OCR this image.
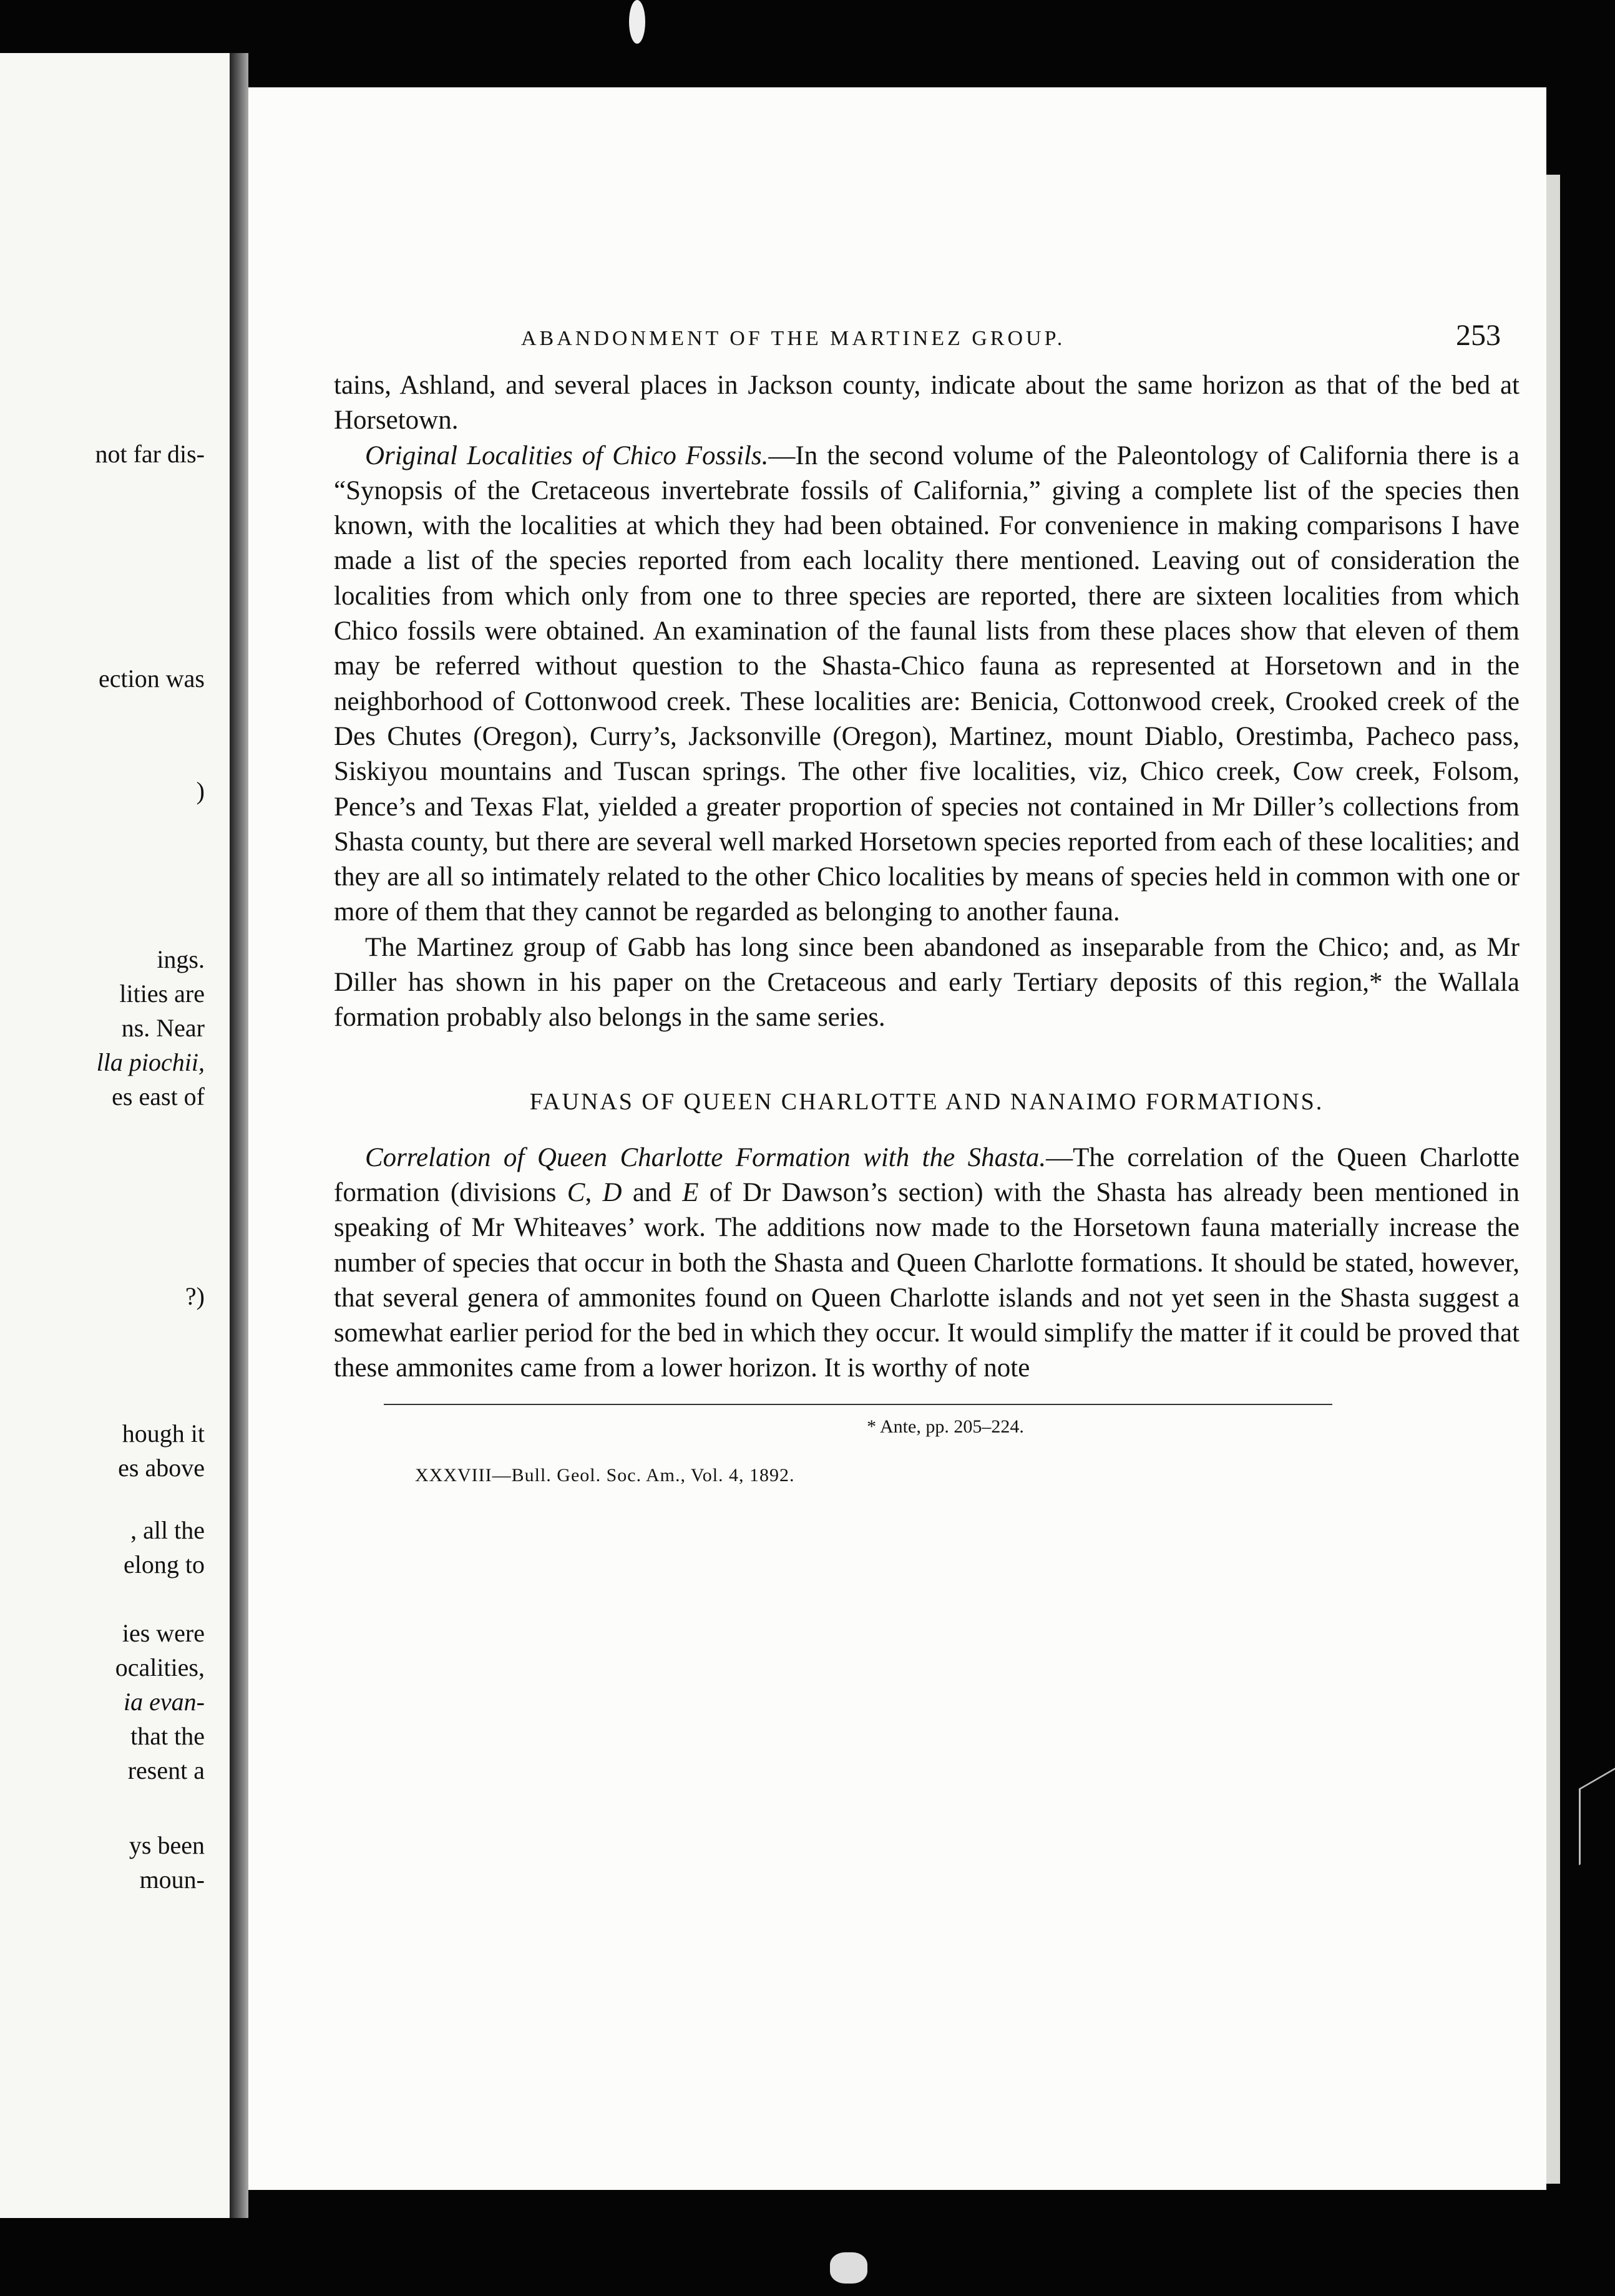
not far dis-
ection was
)
ings.
lities are
ns. Near
lla piochii,
es east of
?)
hough it
es above
, all the
elong to
ies were
ocalities,
ia evan-
that the
resent a
ys been
moun-
ABANDONMENT OF THE MARTINEZ GROUP.	253

tains, Ashland, and several places in Jackson county, indicate about the same horizon as that of the bed at Horsetown.

Original Localities of Chico Fossils.—In the second volume of the Paleontology of California there is a “Synopsis of the Cretaceous invertebrate fossils of California,” giving a complete list of the species then known, with the localities at which they had been obtained. For convenience in making comparisons I have made a list of the species reported from each locality there mentioned. Leaving out of consideration the localities from which only from one to three species are reported, there are sixteen localities from which Chico fossils were obtained. An examination of the faunal lists from these places show that eleven of them may be referred without question to the Shasta-Chico fauna as represented at Horsetown and in the neighborhood of Cottonwood creek. These localities are: Benicia, Cottonwood creek, Crooked creek of the Des Chutes (Oregon), Curry’s, Jacksonville (Oregon), Martinez, mount Diablo, Orestimba, Pacheco pass, Siskiyou mountains and Tuscan springs. The other five localities, viz, Chico creek, Cow creek, Folsom, Pence’s and Texas Flat, yielded a greater proportion of species not contained in Mr Diller’s collections from Shasta county, but there are several well marked Horsetown species reported from each of these localities; and they are all so intimately related to the other Chico localities by means of species held in common with one or more of them that they cannot be regarded as belonging to another fauna.

The Martinez group of Gabb has long since been abandoned as inseparable from the Chico; and, as Mr Diller has shown in his paper on the Cretaceous and early Tertiary deposits of this region,* the Wallala formation probably also belongs in the same series.

FAUNAS OF QUEEN CHARLOTTE AND NANAIMO FORMATIONS.

Correlation of Queen Charlotte Formation with the Shasta.—The correlation of the Queen Charlotte formation (divisions C, D and E of Dr Dawson’s section) with the Shasta has already been mentioned in speaking of Mr Whiteaves’ work. The additions now made to the Horsetown fauna materially increase the number of species that occur in both the Shasta and Queen Charlotte formations. It should be stated, however, that several genera of ammonites found on Queen Charlotte islands and not yet seen in the Shasta suggest a somewhat earlier period for the bed in which they occur. It would simplify the matter if it could be proved that these ammonites came from a lower horizon. It is worthy of note

* Ante, pp. 205–224.

XXXVIII—Bull. Geol. Soc. Am., Vol. 4, 1892.
